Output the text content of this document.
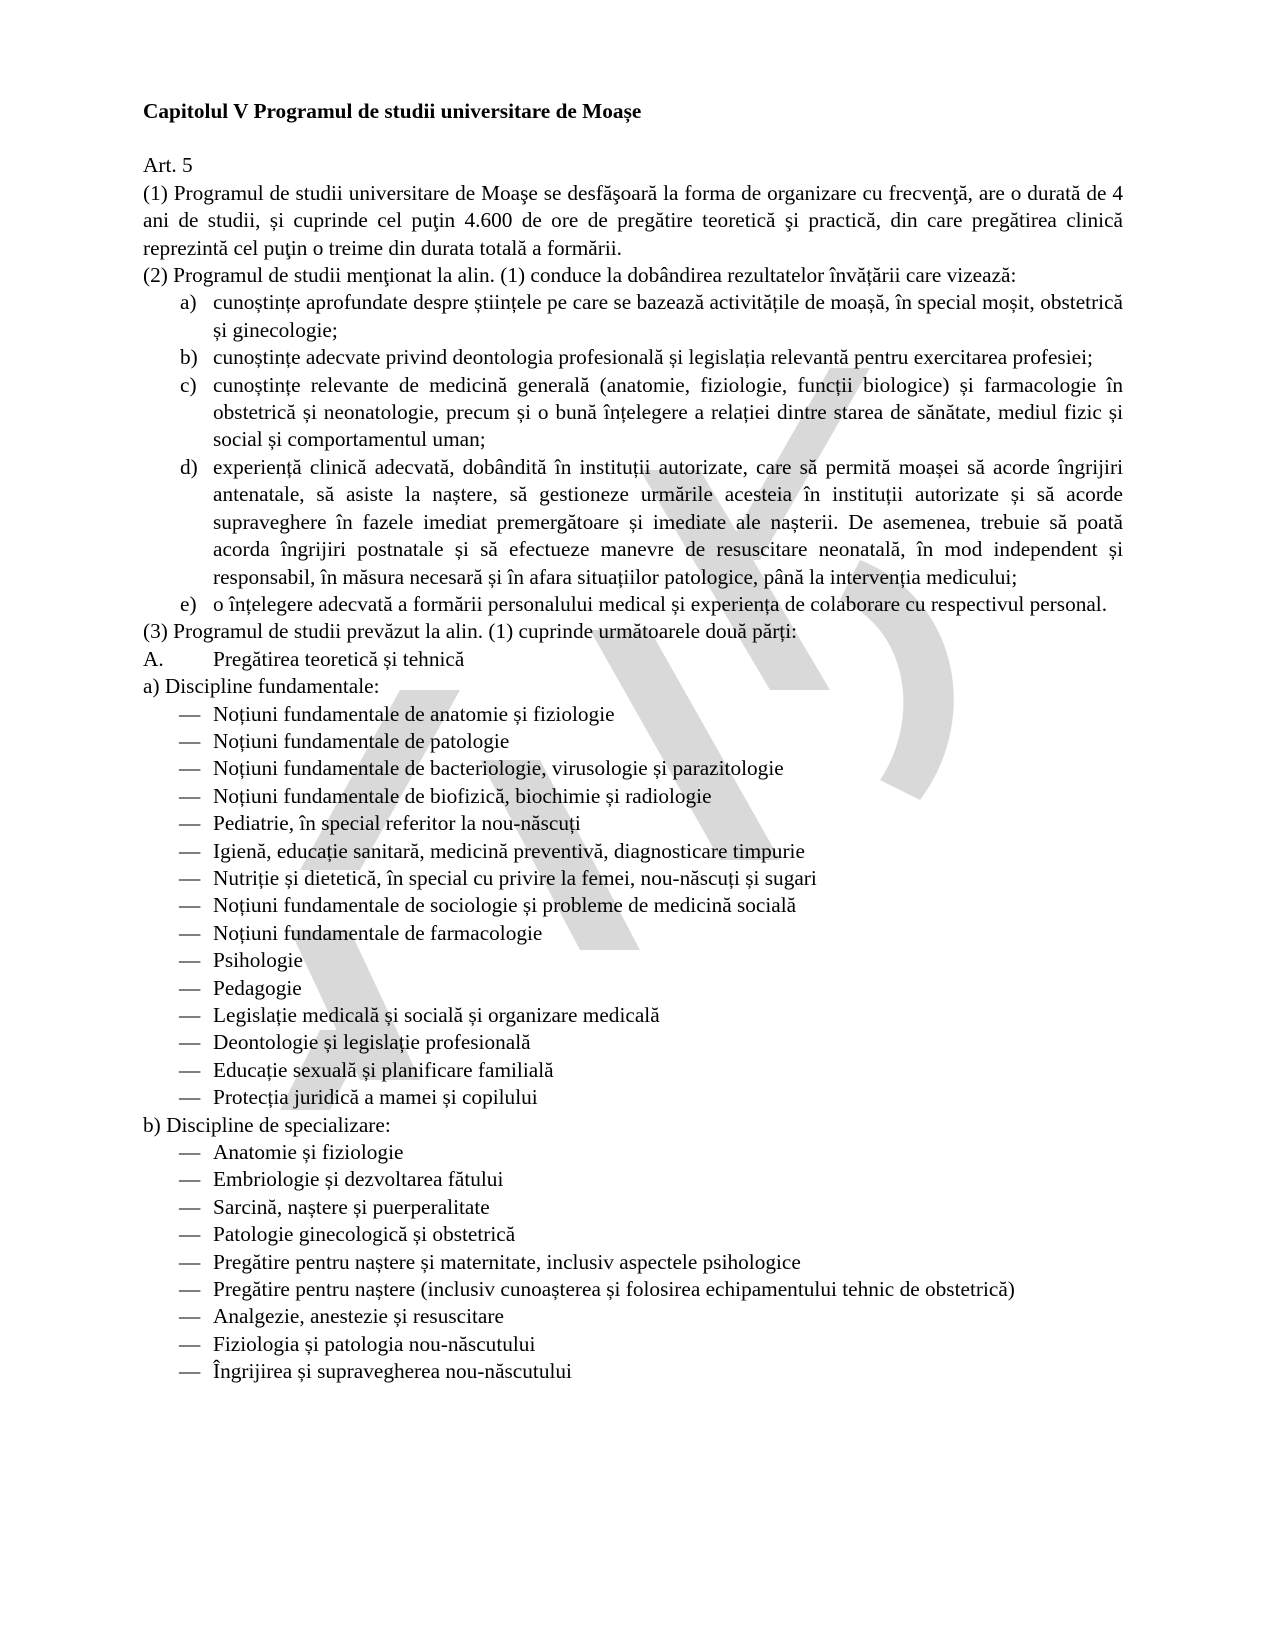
Capitolul V Programul de studii universitare de Moașe

Art. 5

(1) Programul de studii universitare de Moaşe se desfăşoară la forma de organizare cu frecvenţă, are o durată de 4 ani de studii, și cuprinde cel puţin 4.600 de ore de pregătire teoretică şi practică, din care pregătirea clinică reprezintă cel puţin o treime din durata totală a formării.

(2) Programul de studii menţionat la alin. (1) conduce la dobândirea rezultatelor învățării care vizează:

a) cunoștințe aprofundate despre științele pe care se bazează activitățile de moașă, în special moșit, obstetrică și ginecologie;
b) cunoștințe adecvate privind deontologia profesională și legislația relevantă pentru exercitarea profesiei;
c) cunoștințe relevante de medicină generală (anatomie, fiziologie, funcții biologice) și farmacologie în obstetrică și neonatologie, precum și o bună înțelegere a relației dintre starea de sănătate, mediul fizic și social și comportamentul uman;
d) experiență clinică adecvată, dobândită în instituții autorizate, care să permită moașei să acorde îngrijiri antenatale, să asiste la naștere, să gestioneze urmările acesteia în instituții autorizate și să acorde supraveghere în fazele imediat premergătoare și imediate ale nașterii. De asemenea, trebuie să poată acorda îngrijiri postnatale și să efectueze manevre de resuscitare neonatală, în mod independent și responsabil, în măsura necesară și în afara situațiilor patologice, până la intervenția medicului;
e) o înțelegere adecvată a formării personalului medical și experiența de colaborare cu respectivul personal.

(3) Programul de studii prevăzut la alin. (1) cuprinde următoarele două părți:

A.	Pregătirea teoretică și tehnică

a) Discipline fundamentale:

— Noțiuni fundamentale de anatomie și fiziologie
— Noțiuni fundamentale de patologie
— Noțiuni fundamentale de bacteriologie, virusologie și parazitologie
— Noțiuni fundamentale de biofizică, biochimie și radiologie
— Pediatrie, în special referitor la nou-născuți
— Igienă, educație sanitară, medicină preventivă, diagnosticare timpurie
— Nutriție și dietetică, în special cu privire la femei, nou-născuți și sugari
— Noțiuni fundamentale de sociologie și probleme de medicină socială
— Noțiuni fundamentale de farmacologie
— Psihologie
— Pedagogie
— Legislație medicală și socială și organizare medicală
— Deontologie și legislație profesională
— Educație sexuală și planificare familială
— Protecția juridică a mamei și copilului

b) Discipline de specializare:

— Anatomie și fiziologie
— Embriologie și dezvoltarea fătului
— Sarcină, naștere și puerperalitate
— Patologie ginecologică și obstetrică
— Pregătire pentru naștere și maternitate, inclusiv aspectele psihologice
— Pregătire pentru naștere (inclusiv cunoașterea și folosirea echipamentului tehnic de obstetrică)
— Analgezie, anestezie și resuscitare
— Fiziologia și patologia nou-născutului
— Îngrijirea și supravegherea nou-născutului
